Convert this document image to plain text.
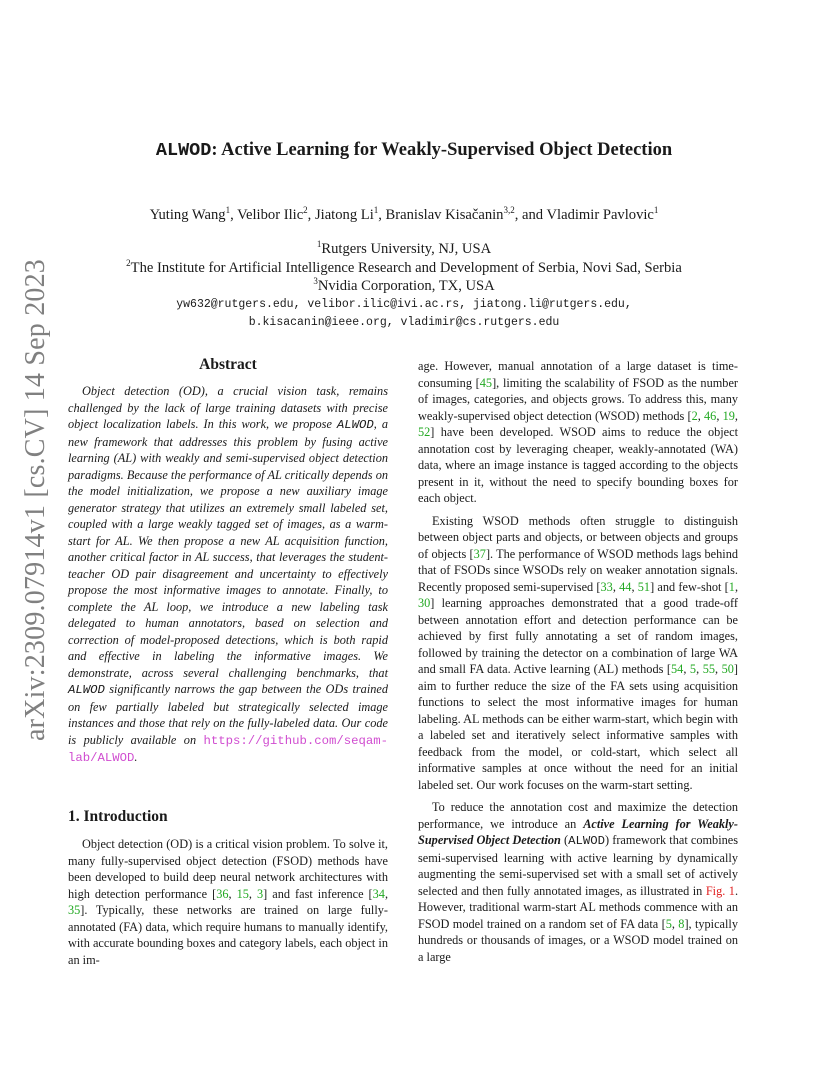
arXiv:2309.07914v1 [cs.CV] 14 Sep 2023
ALWOD: Active Learning for Weakly-Supervised Object Detection
Yuting Wang$^1$, Velibor Ilic$^2$, Jiatong Li$^1$, Branislav Kisačanin$^{3,2}$, and Vladimir Pavlovic$^1$
$^1$Rutgers University, NJ, USA
$^2$The Institute for Artificial Intelligence Research and Development of Serbia, Novi Sad, Serbia
$^3$Nvidia Corporation, TX, USA
yw632@rutgers.edu, velibor.ilic@ivi.ac.rs, jiatong.li@rutgers.edu,
b.kisacanin@ieee.org, vladimir@cs.rutgers.edu
Abstract
Object detection (OD), a crucial vision task, remains challenged by the lack of large training datasets with precise object localization labels. In this work, we propose ALWOD, a new framework that addresses this problem by fusing active learning (AL) with weakly and semi-supervised object detection paradigms. Because the performance of AL critically depends on the model initialization, we propose a new auxiliary image generator strategy that utilizes an extremely small labeled set, coupled with a large weakly tagged set of images, as a warm-start for AL. We then propose a new AL acquisition function, another critical factor in AL success, that leverages the student-teacher OD pair disagreement and uncertainty to effectively propose the most informative images to annotate. Finally, to complete the AL loop, we introduce a new labeling task delegated to human annotators, based on selection and correction of model-proposed detections, which is both rapid and effective in labeling the informative images. We demonstrate, across several challenging benchmarks, that ALWOD significantly narrows the gap between the ODs trained on few partially labeled but strategically selected image instances and those that rely on the fully-labeled data. Our code is publicly available on https://github.com/seqam-lab/ALWOD.
1. Introduction
Object detection (OD) is a critical vision problem. To solve it, many fully-supervised object detection (FSOD) methods have been developed to build deep neural network architectures with high detection performance [36, 15, 3] and fast inference [34, 35]. Typically, these networks are trained on large fully-annotated (FA) data, which require humans to manually identify, with accurate bounding boxes and category labels, each object in an im-

age. However, manual annotation of a large dataset is time-consuming [45], limiting the scalability of FSOD as the number of images, categories, and objects grows. To address this, many weakly-supervised object detection (WSOD) methods [2, 46, 19, 52] have been developed. WSOD aims to reduce the object annotation cost by leveraging cheaper, weakly-annotated (WA) data, where an image instance is tagged according to the objects present in it, without the need to specify bounding boxes for each object.

Existing WSOD methods often struggle to distinguish between object parts and objects, or between objects and groups of objects [37]. The performance of WSOD methods lags behind that of FSODs since WSODs rely on weaker annotation signals. Recently proposed semi-supervised [33, 44, 51] and few-shot [1, 30] learning approaches demonstrated that a good trade-off between annotation effort and detection performance can be achieved by first fully annotating a set of random images, followed by training the detector on a combination of large WA and small FA data. Active learning (AL) methods [54, 5, 55, 50] aim to further reduce the size of the FA sets using acquisition functions to select the most informative images for human labeling. AL methods can be either warm-start, which begin with a labeled set and iteratively select informative samples with feedback from the model, or cold-start, which select all informative samples at once without the need for an initial labeled set. Our work focuses on the warm-start setting.

To reduce the annotation cost and maximize the detection performance, we introduce an Active Learning for Weakly-Supervised Object Detection (ALWOD) framework that combines semi-supervised learning with active learning by dynamically augmenting the semi-supervised set with a small set of actively selected and then fully annotated images, as illustrated in Fig. 1. However, traditional warm-start AL methods commence with an FSOD model trained on a random set of FA data [5, 8], typically hundreds or thousands of images, or a WSOD model trained on a large
